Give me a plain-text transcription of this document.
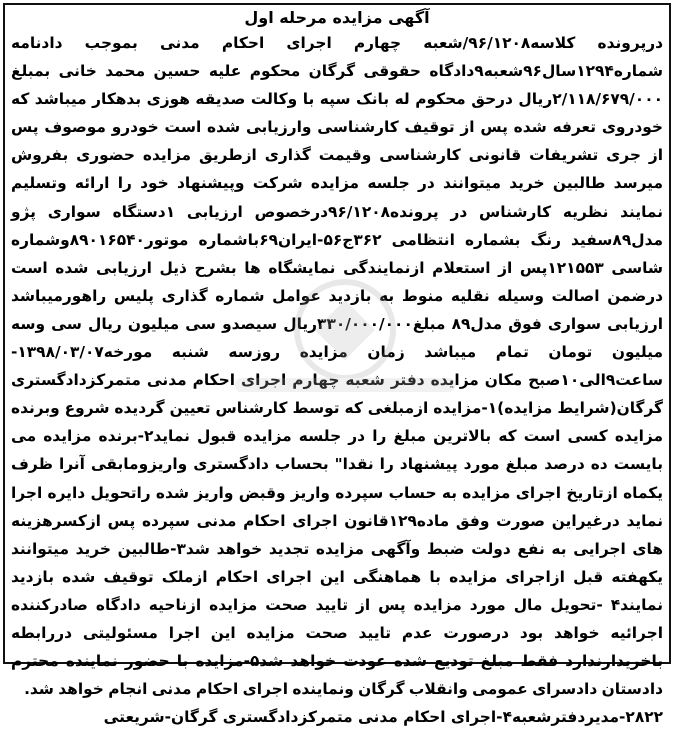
آگهی مزایده مرحله اول
درپرونده کلاسه۹۶/۱۲۰۸/شعبه چهارم اجرای احکام مدنی بموجب دادنامه شماره۱۲۹۴سال۹۶شعبه۹دادگاه حقوقی گرگان محکوم علیه حسین محمد خانی بمبلغ ۲/۱۱۸/۶۷۹/۰۰۰ریال درحق محکوم له بانک سپه با وکالت صدیقه هوزی بدهکار میباشد که خودروی تعرفه شده پس از توقیف کارشناسی وارزیابی شده است خودرو موصوف پس از جری تشریفات قانونی کارشناسی وقیمت گذاری ازطریق مزایده حضوری بفروش میرسد طالبین خرید میتوانند در جلسه مزایده شرکت وپیشنهاد خود را ارائه وتسلیم نمایند نظریه کارشناس در پرونده۹۶/۱۲۰۸درخصوص ارزیابی ۱دستگاه سواری پژو مدل۸۹سفید رنگ بشماره انتظامی ۳۶۲ج۵۶-ایران۶۹باشماره موتور۸۹۰۱۶۵۴۰وشماره شاسی ۱۲۱۵۵۳پس از استعلام ازنمایندگی نمایشگاه ها بشرح ذیل ارزیابی شده است درضمن اصالت وسیله نقلیه منوط به بازدید عوامل شماره گذاری پلیس راهورمیباشد ارزیابی سواری فوق مدل۸۹ مبلغ۳۳۰/۰۰۰/۰۰۰ریال سیصدو سی میلیون ریال سی وسه میلیون تومان تمام میباشد زمان مزایده روزسه شنبه مورخه۱۳۹۸/۰۳/۰۷-ساعت۹الی۱۰صبح مکان مزایده دفتر شعبه چهارم اجرای احکام مدنی متمرکزدادگستری گرگان(شرایط مزایده)۱-مزایده ازمبلغی که توسط کارشناس تعیین گردیده شروع وبرنده مزایده کسی است که بالاترین مبلغ را در جلسه مزایده قبول نماید۲-برنده مزایده می بایست ده درصد مبلغ مورد پیشنهاد را نقدا" بحساب دادگستری واریزومابقی آنرا ظرف یکماه ازتاریخ اجرای مزایده به حساب سپرده واریز وقبض واریز شده راتحویل دایره اجرا نماید درغیراین صورت وفق ماده۱۲۹قانون اجرای احکام مدنی سپرده پس ازکسرهزینه های اجرایی به نفع دولت ضبط وآگهی مزایده تجدید خواهد شد۳-طالبین خرید میتوانند یکهفته قبل ازاجرای مزایده با هماهنگی این اجرای احکام ازملک توقیف شده بازدید نمایند۴ -تحویل مال مورد مزایده پس از تایید صحت مزایده ازناحیه دادگاه صادرکننده اجرائیه خواهد بود درصورت عدم تایید صحت مزایده این اجرا مسئولیتی دررابطه باخریدارندارد فقط مبلغ تودیع شده عودت خواهد شد۵-مزایده با حضور نماینده محترم دادستان دادسرای عمومی وانقلاب گرگان ونماینده اجرای احکام مدنی انجام خواهد شد.
۲۸۲۲-مدیردفترشعبه۴-اجرای احکام مدنی متمرکزدادگستری گرگان-شریعتی
